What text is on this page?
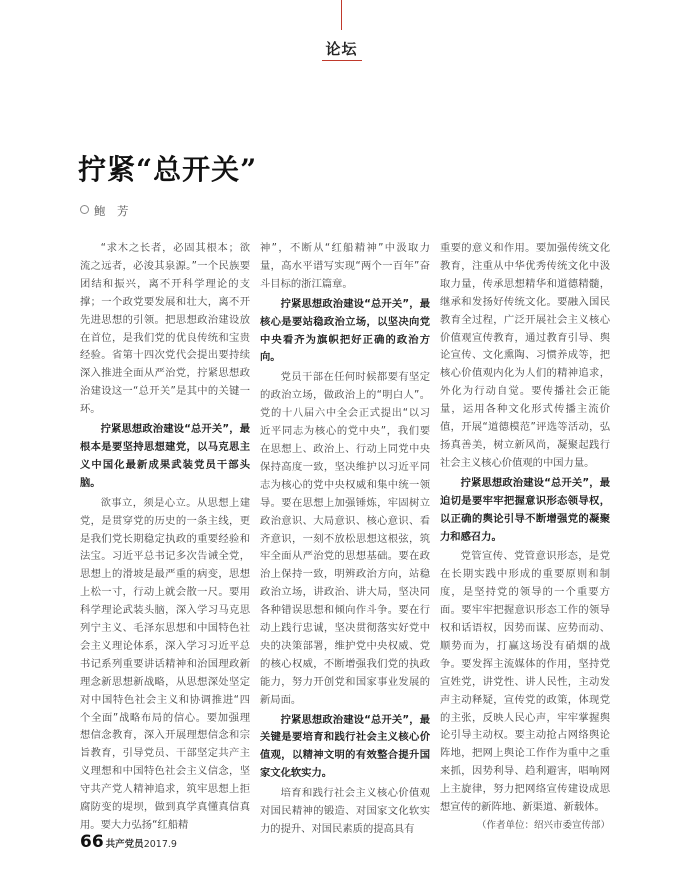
论坛
拧紧“总开关”
鲍　芳

“求木之长者，必固其根本；欲流之远者，必浚其泉源。”一个民族要团结和振兴，离不开科学理论的支撑；一个政党要发展和壮大，离不开先进思想的引领。把思想政治建设放在首位，是我们党的优良传统和宝贵经验。省第十四次党代会提出要持续深入推进全面从严治党，拧紧思想政治建设这一“总开关”是其中的关键一环。

拧紧思想政治建设“总开关”，最根本是要坚持思想建党，以马克思主义中国化最新成果武装党员干部头脑。

欲事立，须是心立。从思想上建党，是贯穿党的历史的一条主线，更是我们党长期稳定执政的重要经验和法宝。习近平总书记多次告诫全党，思想上的滑坡是最严重的病变，思想上松一寸，行动上就会散一尺。要用科学理论武装头脑，深入学习马克思列宁主义、毛泽东思想和中国特色社会主义理论体系，深入学习习近平总书记系列重要讲话精神和治国理政新理念新思想新战略，从思想深处坚定对中国特色社会主义和协调推进“四个全面”战略布局的信心。要加强理想信念教育，深入开展理想信念和宗旨教育，引导党员、干部坚定共产主义理想和中国特色社会主义信念，坚守共产党人精神追求，筑牢思想上拒腐防变的堤坝，做到真学真懂真信真用。要大力弘扬“红船精

神”，不断从“红船精神”中汲取力量，高水平谱写实现“两个一百年”奋斗目标的浙江篇章。

拧紧思想政治建设“总开关”，最核心是要站稳政治立场，以坚决向党中央看齐为旗帜把好正确的政治方向。

党员干部在任何时候都要有坚定的政治立场，做政治上的“明白人”。党的十八届六中全会正式提出“以习近平同志为核心的党中央”，我们要在思想上、政治上、行动上同党中央保持高度一致，坚决维护以习近平同志为核心的党中央权威和集中统一领导。要在思想上加强锤炼，牢固树立政治意识、大局意识、核心意识、看齐意识，一刻不放松思想这根弦，筑牢全面从严治党的思想基础。要在政治上保持一致，明辨政治方向，站稳政治立场，讲政治、讲大局，坚决同各种错误思想和倾向作斗争。要在行动上践行忠诚，坚决贯彻落实好党中央的决策部署，维护党中央权威、党的核心权威，不断增强我们党的执政能力，努力开创党和国家事业发展的新局面。

拧紧思想政治建设“总开关”，最关键是要培育和践行社会主义核心价值观，以精神文明的有效整合提升国家文化软实力。

培育和践行社会主义核心价值观对国民精神的锻造、对国家文化软实力的提升、对国民素质的提高具有

重要的意义和作用。要加强传统文化教育，注重从中华优秀传统文化中汲取力量，传承思想精华和道德精髓，继承和发扬好传统文化。要融入国民教育全过程，广泛开展社会主义核心价值观宣传教育，通过教育引导、舆论宣传、文化熏陶、习惯养成等，把核心价值观内化为人们的精神追求，外化为行动自觉。要传播社会正能量，运用各种文化形式传播主流价值，开展“道德模范”评选等活动，弘扬真善美，树立新风尚，凝聚起践行社会主义核心价值观的中国力量。

拧紧思想政治建设“总开关”，最迫切是要牢牢把握意识形态领导权，以正确的舆论引导不断增强党的凝聚力和感召力。

党管宣传、党管意识形态，是党在长期实践中形成的重要原则和制度，是坚持党的领导的一个重要方面。要牢牢把握意识形态工作的领导权和话语权，因势而谋、应势而动、顺势而为，打赢这场没有硝烟的战争。要发挥主流媒体的作用，坚持党宣姓党，讲党性、讲人民性，主动发声主动释疑，宣传党的政策，体现党的主张，反映人民心声，牢牢掌握舆论引导主动权。要主动抢占网络舆论阵地，把网上舆论工作作为重中之重来抓，因势利导、趋利避害，唱响网上主旋律，努力把网络宣传建设成思想宣传的新阵地、新渠道、新载体。

（作者单位：绍兴市委宣传部）

66 共产党员 2017.9
